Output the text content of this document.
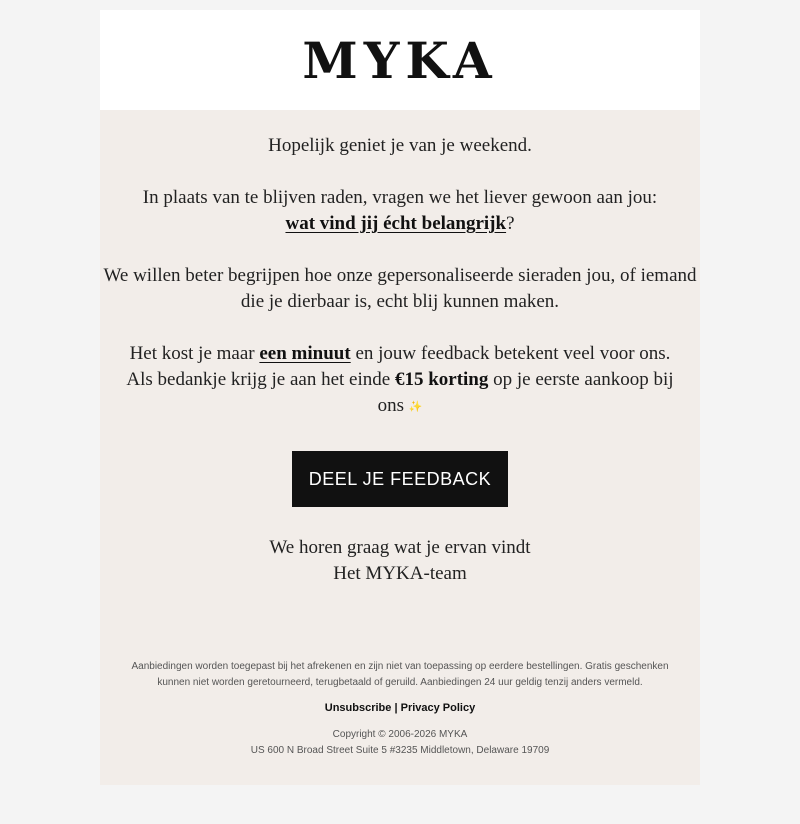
MYKA
Hopelijk geniet je van je weekend.
In plaats van te blijven raden, vragen we het liever gewoon aan jou:
wat vind jij écht belangrijk?
We willen beter begrijpen hoe onze gepersonaliseerde sieraden jou, of iemand die je dierbaar is, echt blij kunnen maken.
Het kost je maar een minuut en jouw feedback betekent veel voor ons. Als bedankje krijg je aan het einde €15 korting op je eerste aankoop bij ons ✨
DEEL JE FEEDBACK
We horen graag wat je ervan vindt
Het MYKA-team
Aanbiedingen worden toegepast bij het afrekenen en zijn niet van toepassing op eerdere bestellingen. Gratis geschenken kunnen niet worden geretourneerd, terugbetaald of geruild. Aanbiedingen 24 uur geldig tenzij anders vermeld.
Unsubscribe | Privacy Policy
Copyright © 2006-2026 MYKA
US 600 N Broad Street Suite 5 #3235 Middletown, Delaware 19709
